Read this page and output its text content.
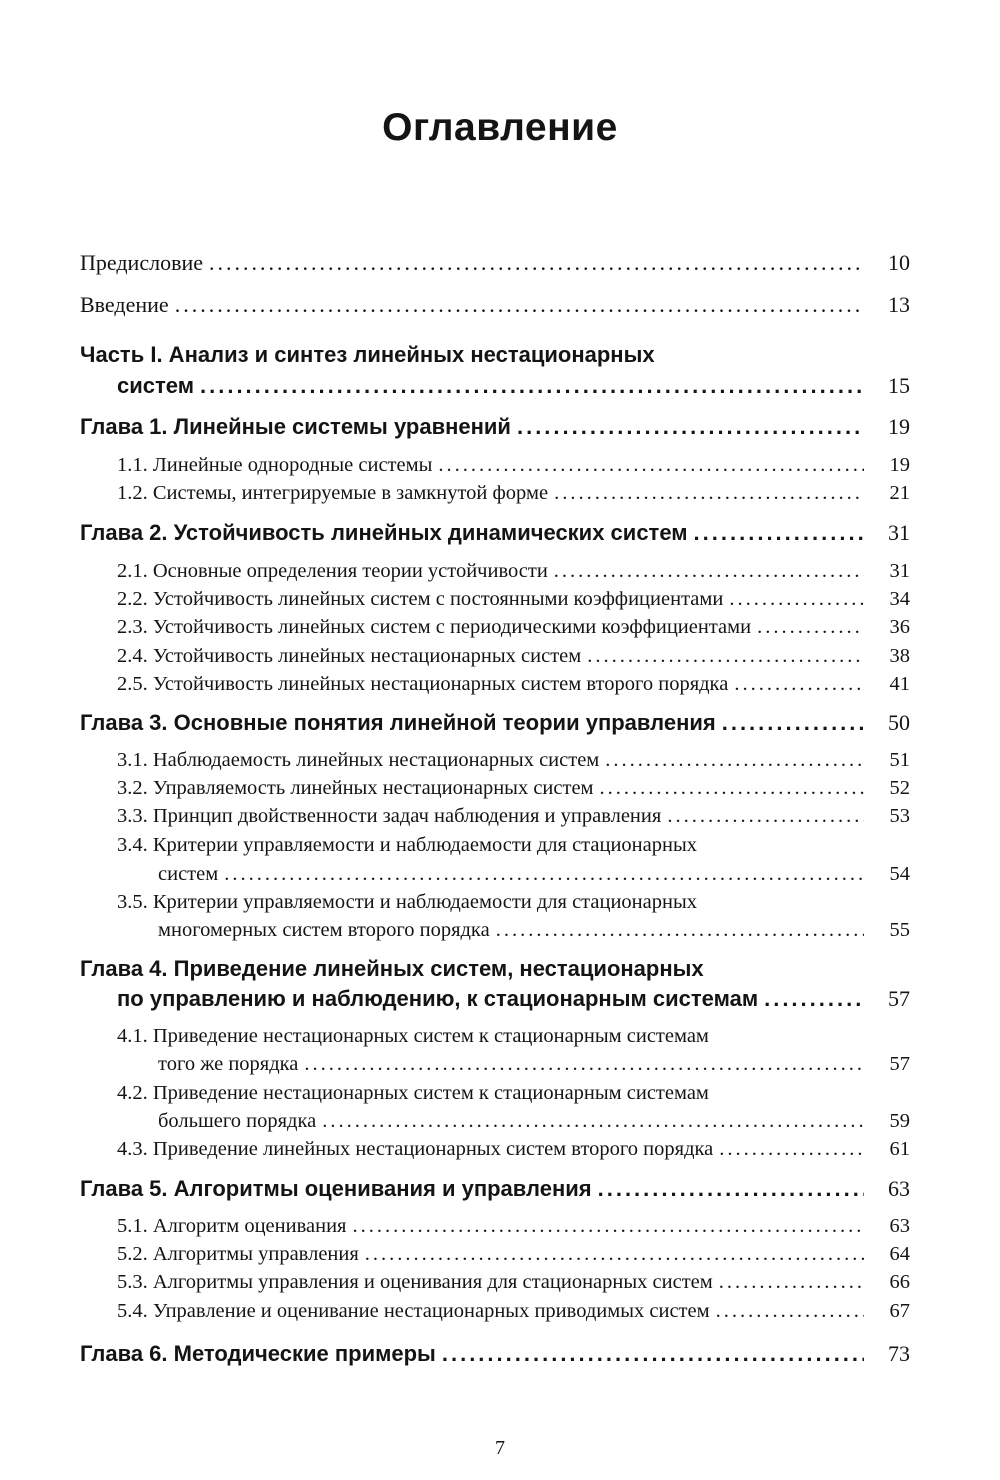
Оглавление
Предисловие .....	10
Введение .....	13
Часть I. Анализ и синтез линейных нестационарных
систем .....	15
Глава 1. Линейные системы уравнений .....	19
1.1. Линейные однородные системы .....	19
1.2. Системы, интегрируемые в замкнутой форме .....	21
Глава 2. Устойчивость линейных динамических систем .....	31
2.1. Основные определения теории устойчивости .....	31
2.2. Устойчивость линейных систем с постоянными коэффициентами .....	34
2.3. Устойчивость линейных систем с периодическими коэффициентами .....	36
2.4. Устойчивость линейных нестационарных систем .....	38
2.5. Устойчивость линейных нестационарных систем второго порядка .....	41
Глава 3. Основные понятия линейной теории управления .....	50
3.1. Наблюдаемость линейных нестационарных систем .....	51
3.2. Управляемость линейных нестационарных систем .....	52
3.3. Принцип двойственности задач наблюдения и управления .....	53
3.4. Критерии управляемости и наблюдаемости для стационарных
систем .....	54
3.5. Критерии управляемости и наблюдаемости для стационарных
многомерных систем второго порядка .....	55
Глава 4. Приведение линейных систем, нестационарных
по управлению и наблюдению, к стационарным системам .....	57
4.1. Приведение нестационарных систем к стационарным системам
того же порядка .....	57
4.2. Приведение нестационарных систем к стационарным системам
большего порядка .....	59
4.3. Приведение линейных нестационарных систем второго порядка .....	61
Глава 5. Алгоритмы оценивания и управления .....	63
5.1. Алгоритм оценивания .....	63
5.2. Алгоритмы управления .....	64
5.3. Алгоритмы управления и оценивания для стационарных систем .....	66
5.4. Управление и оценивание нестационарных приводимых систем .....	67
Глава 6. Методические примеры .....	73
7
